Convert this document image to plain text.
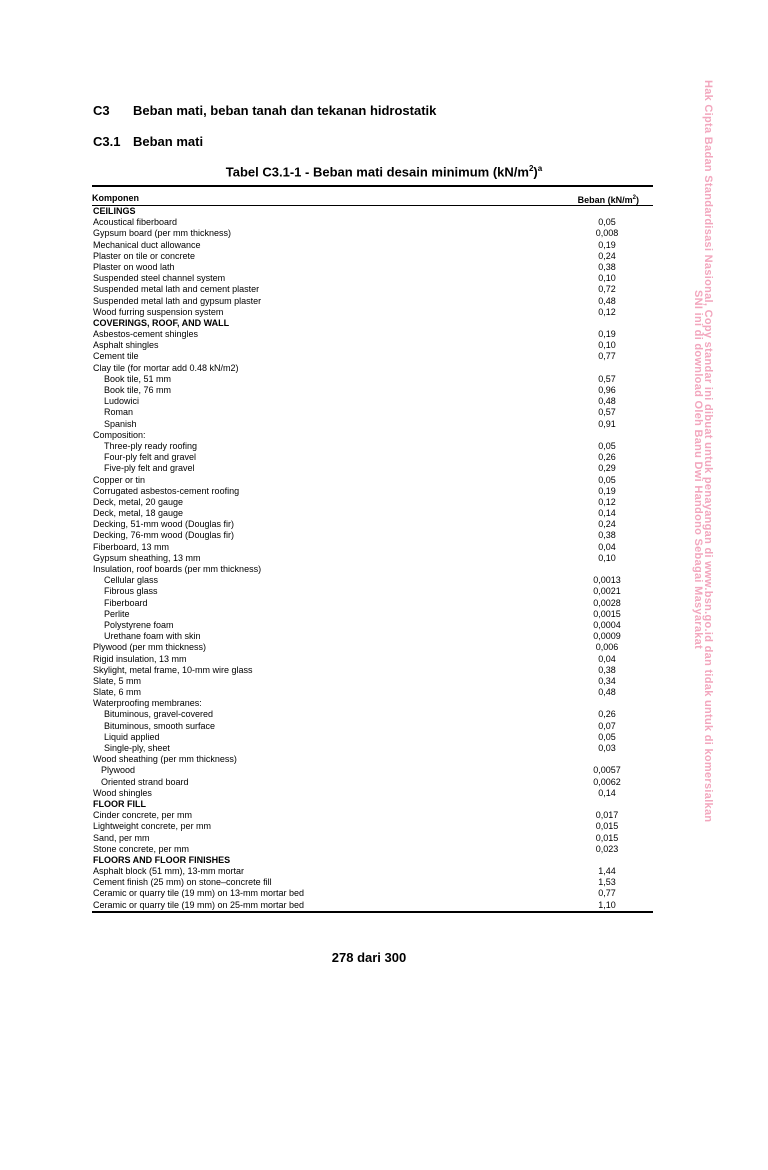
C3 Beban mati, beban tanah dan tekanan hidrostatik
C3.1 Beban mati
Tabel C3.1-1 - Beban mati desain minimum $(kN/m^2)^a$
Komponen	Beban $(kN/m^2)$
CEILINGS
Acoustical fiberboard	0,05
Gypsum board (per mm thickness)	0,008
Mechanical duct allowance	0,19
Plaster on tile or concrete	0,24
Plaster on wood lath	0,38
Suspended steel channel system	0,10
Suspended metal lath and cement plaster	0,72
Suspended metal lath and gypsum plaster	0,48
Wood furring suspension system	0,12
COVERINGS, ROOF, AND WALL
Asbestos-cement shingles	0,19
Asphalt shingles	0,10
Cement tile	0,77
Clay tile (for mortar add 0.48 kN/m2)
Book tile, 51 mm	0,57
Book tile, 76 mm	0,96
Ludowici	0,48
Roman	0,57
Spanish	0,91
Composition:
Three-ply ready roofing	0,05
Four-ply felt and gravel	0,26
Five-ply felt and gravel	0,29
Copper or tin	0,05
Corrugated asbestos-cement roofing	0,19
Deck, metal, 20 gauge	0,12
Deck, metal, 18 gauge	0,14
Decking, 51-mm wood (Douglas fir)	0,24
Decking, 76-mm wood (Douglas fir)	0,38
Fiberboard, 13 mm	0,04
Gypsum sheathing, 13 mm	0,10
Insulation, roof boards (per mm thickness)
Cellular glass	0,0013
Fibrous glass	0,0021
Fiberboard	0,0028
Perlite	0,0015
Polystyrene foam	0,0004
Urethane foam with skin	0,0009
Plywood (per mm thickness)	0,006
Rigid insulation, 13 mm	0,04
Skylight, metal frame, 10-mm wire glass	0,38
Slate, 5 mm	0,34
Slate, 6 mm	0,48
Waterproofing membranes:
Bituminous, gravel-covered	0,26
Bituminous, smooth surface	0,07
Liquid applied	0,05
Single-ply, sheet	0,03
Wood sheathing (per mm thickness)
Plywood	0,0057
Oriented strand board	0,0062
Wood shingles	0,14
FLOOR FILL
Cinder concrete, per mm	0,017
Lightweight concrete, per mm	0,015
Sand, per mm	0,015
Stone concrete, per mm	0,023
FLOORS AND FLOOR FINISHES
Asphalt block (51 mm), 13-mm mortar	1,44
Cement finish (25 mm) on stone–concrete fill	1,53
Ceramic or quarry tile (19 mm) on 13-mm mortar bed	0,77
Ceramic or quarry tile (19 mm) on 25-mm mortar bed	1,10
278 dari 300
Hak Cipta Badan Standardisasi Nasional, Copy standar ini dibuat untuk penayangan di www.bsn.go.id dan tidak untuk di komersialkan
SNI ini di download Oleh Banu Dwi Handono Sebagai Masyarakat
